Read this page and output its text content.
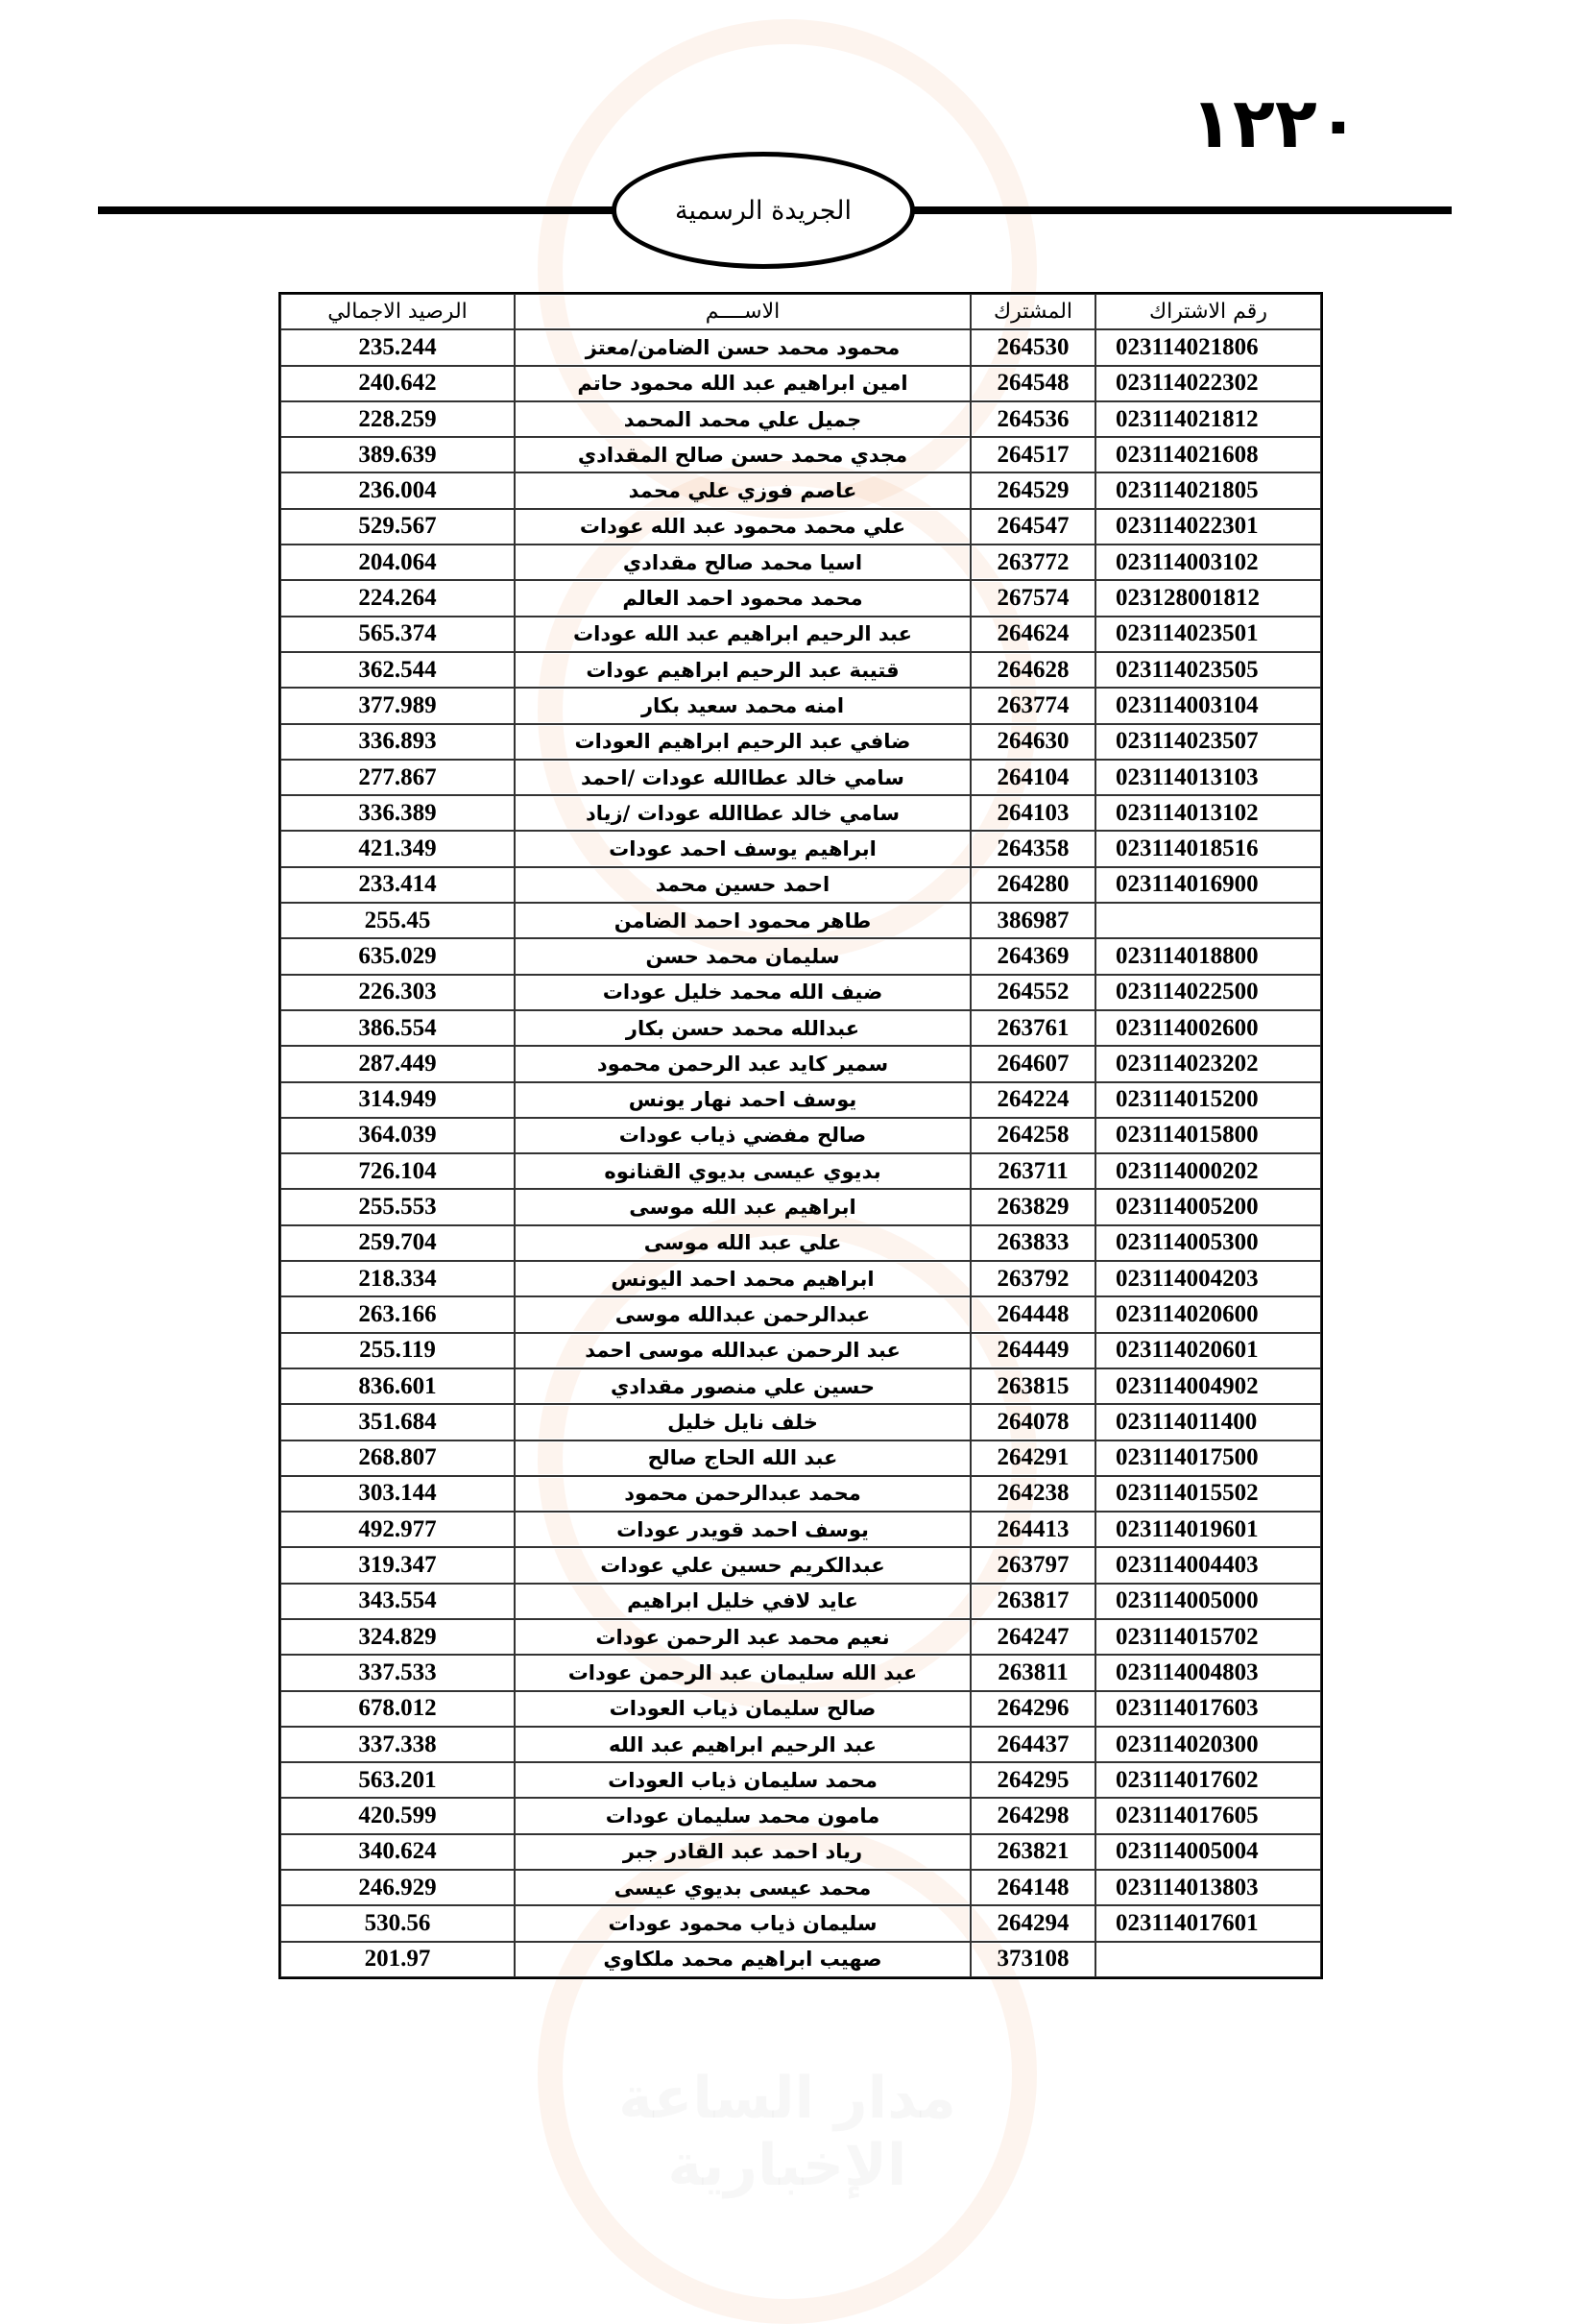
مدار الساعة الإخبارية
١٢٢٠
الجريدة الرسمية
رقم الاشتراك	المشترك	الاســــم	الرصيد الاجمالي
023114021806	264530	محمود محمد حسن الضامن/معتز	235.244
023114022302	264548	امين ابراهيم عبد الله محمود حاتم	240.642
023114021812	264536	جميل علي محمد المحمد	228.259
023114021608	264517	مجدي محمد حسن صالح المقدادي	389.639
023114021805	264529	عاصم فوزي علي محمد	236.004
023114022301	264547	علي محمد محمود عبد الله عودات	529.567
023114003102	263772	اسيا محمد صالح مقدادي	204.064
023128001812	267574	محمد محمود احمد العالم	224.264
023114023501	264624	عبد الرحيم ابراهيم عبد الله عودات	565.374
023114023505	264628	قتيبة عبد الرحيم ابراهيم عودات	362.544
023114003104	263774	امنه محمد سعيد بكار	377.989
023114023507	264630	ضافي عبد الرحيم ابراهيم العودات	336.893
023114013103	264104	سامي خالد عطاالله عودات /احمد	277.867
023114013102	264103	سامي خالد عطاالله عودات /زياد	336.389
023114018516	264358	ابراهيم يوسف احمد عودات	421.349
023114016900	264280	احمد حسين محمد	233.414
	386987	طاهر محمود احمد الضامن	255.45
023114018800	264369	سليمان محمد حسن	635.029
023114022500	264552	ضيف الله محمد خليل عودات	226.303
023114002600	263761	عبدالله محمد حسن بكار	386.554
023114023202	264607	سمير كايد عبد الرحمن محمود	287.449
023114015200	264224	يوسف احمد نهار يونس	314.949
023114015800	264258	صالح مفضي ذياب عودات	364.039
023114000202	263711	بديوي عيسى بديوي القنانوه	726.104
023114005200	263829	ابراهيم عبد الله موسى	255.553
023114005300	263833	علي عبد الله موسى	259.704
023114004203	263792	ابراهيم محمد احمد اليونس	218.334
023114020600	264448	عبدالرحمن عبدالله موسى	263.166
023114020601	264449	عبد الرحمن عبدالله موسى احمد	255.119
023114004902	263815	حسين علي منصور مقدادي	836.601
023114011400	264078	خلف نايل خليل	351.684
023114017500	264291	عبد الله الحاج صالح	268.807
023114015502	264238	محمد عبدالرحمن محمود	303.144
023114019601	264413	يوسف احمد قويدر عودات	492.977
023114004403	263797	عبدالكريم حسين علي عودات	319.347
023114005000	263817	عايد لافي خليل ابراهيم	343.554
023114015702	264247	نعيم محمد عبد الرحمن عودات	324.829
023114004803	263811	عبد الله سليمان عبد الرحمن عودات	337.533
023114017603	264296	صالح سليمان ذياب العودات	678.012
023114020300	264437	عبد الرحيم ابراهيم عبد الله	337.338
023114017602	264295	محمد سليمان ذياب العودات	563.201
023114017605	264298	مامون محمد سليمان عودات	420.599
023114005004	263821	رياد احمد عبد القادر جبر	340.624
023114013803	264148	محمد عيسى بديوي عيسى	246.929
023114017601	264294	سليمان ذياب محمود عودات	530.56
	373108	صهيب ابراهيم محمد ملكاوي	201.97
